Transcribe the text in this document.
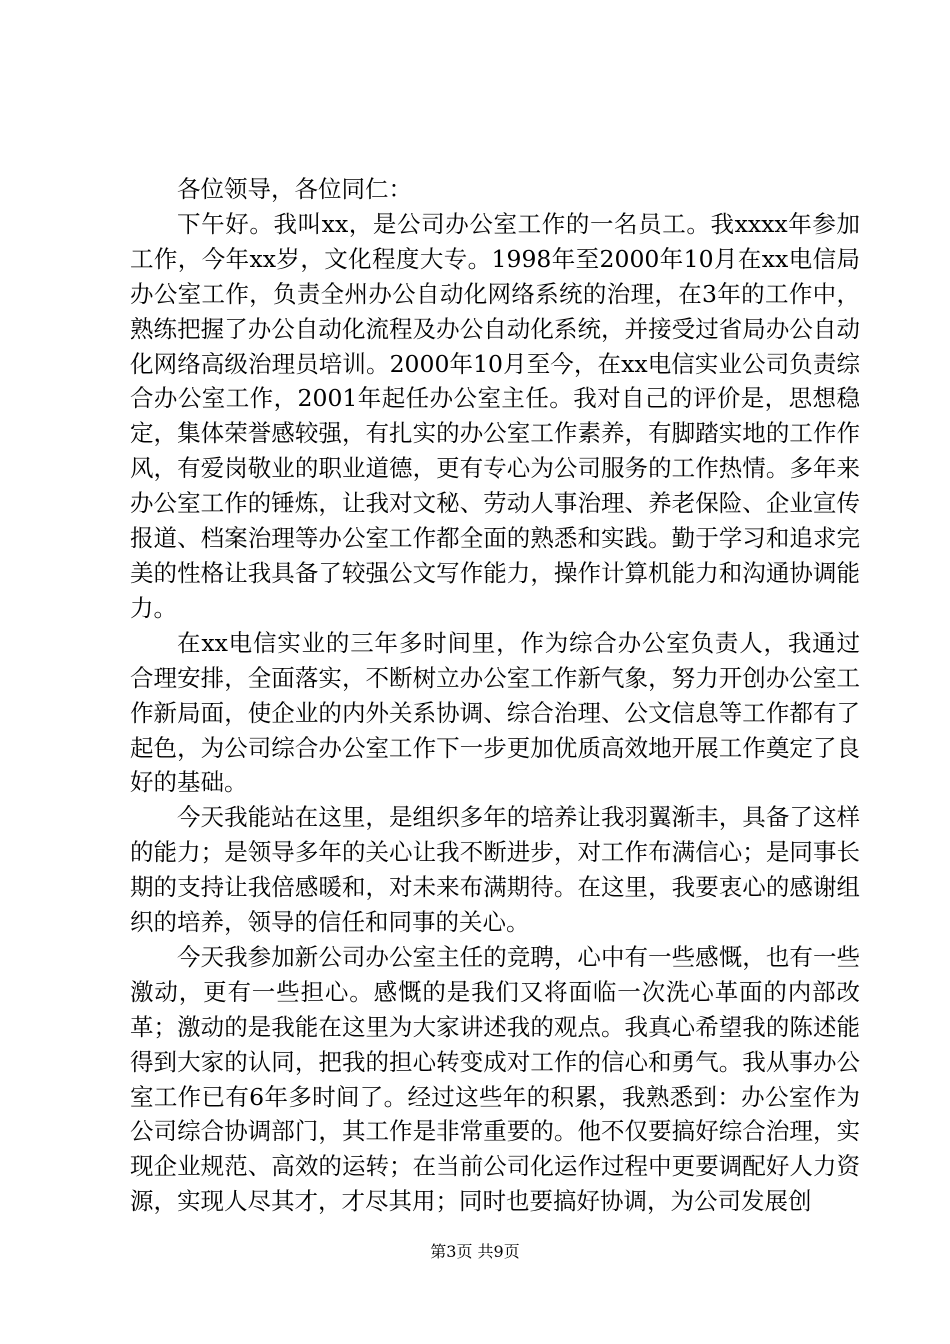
各位领导，各位同仁：

下午好。我叫xx，是公司办公室工作的一名员工。我xxxx年参加工作，今年xx岁，文化程度大专。1998年至2000年10月在xx电信局办公室工作，负责全州办公自动化网络系统的治理，在3年的工作中，熟练把握了办公自动化流程及办公自动化系统，并接受过省局办公自动化网络高级治理员培训。2000年10月至今，在xx电信实业公司负责综合办公室工作，2001年起任办公室主任。我对自己的评价是，思想稳定，集体荣誉感较强，有扎实的办公室工作素养，有脚踏实地的工作作风，有爱岗敬业的职业道德，更有专心为公司服务的工作热情。多年来办公室工作的锤炼，让我对文秘、劳动人事治理、养老保险、企业宣传报道、档案治理等办公室工作都全面的熟悉和实践。勤于学习和追求完美的性格让我具备了较强公文写作能力，操作计算机能力和沟通协调能力。

在xx电信实业的三年多时间里，作为综合办公室负责人，我通过合理安排，全面落实，不断树立办公室工作新气象，努力开创办公室工作新局面，使企业的内外关系协调、综合治理、公文信息等工作都有了起色，为公司综合办公室工作下一步更加优质高效地开展工作奠定了良好的基础。

今天我能站在这里，是组织多年的培养让我羽翼渐丰，具备了这样的能力；是领导多年的关心让我不断进步，对工作布满信心；是同事长期的支持让我倍感暖和，对未来布满期待。在这里，我要衷心的感谢组织的培养，领导的信任和同事的关心。

今天我参加新公司办公室主任的竞聘，心中有一些感慨，也有一些激动，更有一些担心。感慨的是我们又将面临一次洗心革面的内部改革；激动的是我能在这里为大家讲述我的观点。我真心希望我的陈述能得到大家的认同，把我的担心转变成对工作的信心和勇气。我从事办公室工作已有6年多时间了。经过这些年的积累，我熟悉到：办公室作为公司综合协调部门，其工作是非常重要的。他不仅要搞好综合治理，实现企业规范、高效的运转；在当前公司化运作过程中更要调配好人力资源，实现人尽其才，才尽其用；同时也要搞好协调，为公司发展创

第3页 共9页
